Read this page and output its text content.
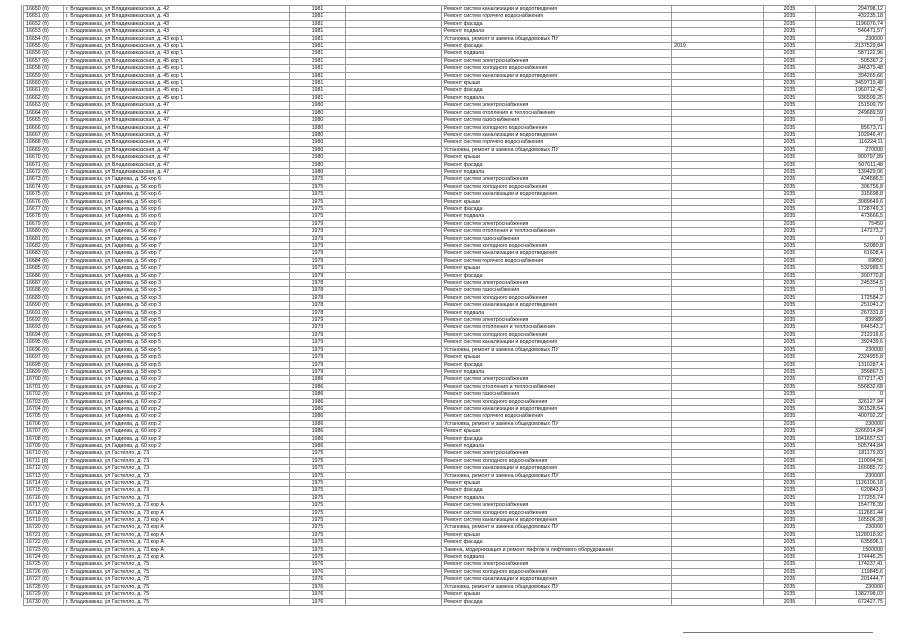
16650 (б)	г. Владикавказ, ул Владикавказская, д. 42	1981		Ремонт систем канализации и водоотведения		2035	294798,12
16651 (б)	г. Владикавказ, ул Владикавказская, д. 43	1981		Ремонт систем горячего водоснабжения		2035	432235,18
16652 (б)	г. Владикавказ, ул Владикавказская, д. 43	1981		Ремонт фасада		2035	1196076,74
16653 (б)	г. Владикавказ, ул Владикавказская, д. 43	1981		Ремонт подвала		2035	546471,57
16654 (б)	г. Владикавказ, ул Владикавказская, д. 43 кор 1	1981		Установка, ремонт и замена общедомовых ПУ		2035	230000
16655 (б)	г. Владикавказ, ул Владикавказская, д. 43 кор 1	1981		Ремонт фасада	2019	2035	2137529,84
16656 (б)	г. Владикавказ, ул Владикавказская, д. 43 кор 1	1981		Ремонт подвала		2035	587122,96
16657 (б)	г. Владикавказ, ул Владикавказская, д. 45 кор 1	1981		Ремонт систем электроснабжения		2035	505367,2
16658 (б)	г. Владикавказ, ул Владикавказская, д. 45 кор 1	1981		Ремонт систем холодного водоснабжения		2035	346379,48
16659 (б)	г. Владикавказ, ул Владикавказская, д. 45 кор 1	1981		Ремонт систем канализации и водоотведения		2035	394265,66
16660 (б)	г. Владикавказ, ул Владикавказская, д. 45 кор 1	1981		Ремонт крыши		2035	3459719,48
16661 (б)	г. Владикавказ, ул Владикавказская, д. 45 кор 1	1981		Ремонт фасада		2035	1960712,42
16662 (б)	г. Владикавказ, ул Владикавказская, д. 45 кор 1	1981		Ремонт подвала		2035	936509,25
16663 (б)	г. Владикавказ, ул Владикавказская, д. 47	1980		Ремонт систем электроснабжения		2035	151509,79
16664 (б)	г. Владикавказ, ул Владикавказская, д. 47	1980		Ремонт систем отопления и теплоснабжения		2035	249689,59
16665 (б)	г. Владикавказ, ул Владикавказская, д. 47	1980		Ремонт систем газоснабжения		2035	0
16666 (б)	г. Владикавказ, ул Владикавказская, д. 47	1980		Ремонт систем холодного водоснабжения		2035	85673,71
16667 (б)	г. Владикавказ, ул Владикавказская, д. 47	1980		Ремонт систем канализации и водоотведения		2035	102946,47
16668 (б)	г. Владикавказ, ул Владикавказская, д. 47	1980		Ремонт систем горячего водоснабжения		2035	116224,11
16669 (б)	г. Владикавказ, ул Владикавказская, д. 47	1980		Установка, ремонт и замена общедомовых ПУ		2035	270000
16670 (б)	г. Владикавказ, ул Владикавказская, д. 47	1980		Ремонт крыши		2035	900797,89
16671 (б)	г. Владикавказ, ул Владикавказская, д. 47	1980		Ремонт фасада		2035	507611,48
16672 (б)	г. Владикавказ, ул Владикавказская, д. 47	1980		Ремонт подвала		2035	139429,06
16673 (б)	г. Владикавказ, ул Гадиева, д. 56 кор 6	1975		Ремонт систем электроснабжения		2035	434686,5
16674 (б)	г. Владикавказ, ул Гадиева, д. 56 кор 6	1975		Ремонт систем холодного водоснабжения		2035	306756,8
16675 (б)	г. Владикавказ, ул Гадиева, д. 56 кор 6	1975		Ремонт систем канализации и водоотведения		2035	315698,8
16676 (б)	г. Владикавказ, ул Гадиева, д. 56 кор 6	1975		Ремонт крыши		2035	3089649,6
16677 (б)	г. Владикавказ, ул Гадиева, д. 56 кор 6	1975		Ремонт фасада		2035	1728749,3
16678 (б)	г. Владикавказ, ул Гадиева, д. 56 кор 6	1975		Ремонт подвала		2035	473666,5
16679 (б)	г. Владикавказ, ул Гадиева, д. 56 кор 7	1979		Ремонт систем электроснабжения		2035	75450
16680 (б)	г. Владикавказ, ул Гадиева, д. 56 кор 7	1979		Ремонт систем отопления и теплоснабжения		2035	147273,2
16681 (б)	г. Владикавказ, ул Гадиева, д. 56 кор 7	1979		Ремонт систем газоснабжения		2035	0
16682 (б)	г. Владикавказ, ул Гадиева, д. 56 кор 7	1979		Ремонт систем холодного водоснабжения		2035	52080,8
16683 (б)	г. Владикавказ, ул Гадиева, д. 56 кор 7	1979		Ремонт систем канализации и водоотведения		2035	61608,4
16684 (б)	г. Владикавказ, ул Гадиева, д. 56 кор 7	1979		Ремонт систем горячего водоснабжения		2035	69050
16685 (б)	г. Владикавказ, ул Гадиева, д. 56 кор 7	1979		Ремонт крыши		2035	532989,5
16686 (б)	г. Владикавказ, ул Гадиева, д. 56 кор 7	1979		Ремонт фасада		2035	300770,8
16687 (б)	г. Владикавказ, ул Гадиева, д. 58 кор 3	1978		Ремонт систем электроснабжения		2035	245354,5
16688 (б)	г. Владикавказ, ул Гадиева, д. 58 кор 3	1978		Ремонт систем газоснабжения		2035	0
16689 (б)	г. Владикавказ, ул Гадиева, д. 58 кор 3	1978		Ремонт систем холодного водоснабжения		2035	172584,2
16690 (б)	г. Владикавказ, ул Гадиева, д. 58 кор 3	1978		Ремонт систем канализации и водоотведения		2035	251041,2
16691 (б)	г. Владикавказ, ул Гадиева, д. 58 кор 3	1978		Ремонт подвала		2035	267331,8
16692 (б)	г. Владикавказ, ул Гадиева, д. 58 кор 5	1979		Ремонт систем электроснабжения		2035	839989
16693 (б)	г. Владикавказ, ул Гадиева, д. 58 кор 5	1979		Ремонт систем отопления и теплоснабжения		2035	644543,2
16694 (б)	г. Владикавказ, ул Гадиева, д. 58 кор 5	1979		Ремонт систем холодного водоснабжения		2035	212216,6
16695 (б)	г. Владикавказ, ул Гадиева, д. 58 кор 5	1979		Ремонт систем канализации и водоотведения		2035	392439,6
16696 (б)	г. Владикавказ, ул Гадиева, д. 58 кор 5	1979		Установка, ремонт и замена общедомовых ПУ		2035	230000
16697 (б)	г. Владикавказ, ул Гадиева, д. 58 кор 5	1979		Ремонт крыши		2035	2324955,8
16698 (б)	г. Владикавказ, ул Гадиева, д. 58 кор 5	1979		Ремонт фасада		2035	1310287,4
16699 (б)	г. Владикавказ, ул Гадиева, д. 58 кор 5	1979		Ремонт подвала		2035	359867,5
16700 (б)	г. Владикавказ, ул Гадиева, д. 60 кор 2	1986		Ремонт систем электроснабжения		2035	677217,43
16701 (б)	г. Владикавказ, ул Гадиева, д. 60 кор 2	1986		Ремонт систем отопления и теплоснабжения		2035	556832,68
16702 (б)	г. Владикавказ, ул Гадиева, д. 60 кор 2	1986		Ремонт систем газоснабжения		2035	0
16703 (б)	г. Владикавказ, ул Гадиева, д. 60 кор 2	1986		Ремонт систем холодного водоснабжения		2035	326127,94
16704 (б)	г. Владикавказ, ул Гадиева, д. 60 кор 2	1986		Ремонт систем канализации и водоотведения		2035	361528,54
16705 (б)	г. Владикавказ, ул Гадиева, д. 60 кор 2	1986		Ремонт систем горячего водоснабжения		2035	400792,22
16706 (б)	г. Владикавказ, ул Гадиева, д. 60 кор 2	1986		Установка, ремонт и замена общедомовых ПУ		2035	230000
16707 (б)	г. Владикавказ, ул Гадиева, д. 60 кор 2	1986		Ремонт крыши		2035	3266914,84
16708 (б)	г. Владикавказ, ул Гадиева, д. 60 кор 2	1986		Ремонт фасада		2035	1841657,53
16709 (б)	г. Владикавказ, ул Гадиева, д. 60 кор 2	1986		Ремонт подвала		2035	505744,84
16710 (б)	г. Владикавказ, ул Гастелло, д. 73	1975		Ремонт систем электроснабжения		2035	181179,83
16711 (б)	г. Владикавказ, ул Гастелло, д. 73	1975		Ремонт систем холодного водоснабжения		2035	110094,56
16712 (б)	г. Владикавказ, ул Гастелло, д. 73	1975		Ремонт систем канализации и водоотведения		2035	166085,72
16713 (б)	г. Владикавказ, ул Гастелло, д. 73	1975		Установка, ремонт и замена общедомовых ПУ		2035	230000
16714 (б)	г. Владикавказ, ул Гастелло, д. 73	1975		Ремонт крыши		2035	1126106,18
16715 (б)	г. Владикавказ, ул Гастелло, д. 73	1975		Ремонт фасада		2035	620843,9
16716 (б)	г. Владикавказ, ул Гастелло, д. 73	1975		Ремонт подвала		2035	177255,74
16717 (б)	г. Владикавказ, ул Гастелло, д. 73 кор А	1975		Ремонт систем электроснабжения		2035	154778,39
16718 (б)	г. Владикавказ, ул Гастелло, д. 73 кор А	1975		Ремонт систем холодного водоснабжения		2035	112681,44
16719 (б)	г. Владикавказ, ул Гастелло, д. 73 кор А	1975		Ремонт систем канализации и водоотведения		2035	165506,28
16720 (б)	г. Владикавказ, ул Гастелло, д. 73 кор А	1975		Установка, ремонт и замена общедомовых ПУ		2035	230000
16721 (б)	г. Владикавказ, ул Гастелло, д. 73 кор А	1975		Ремонт крыши		2035	1128018,92
16722 (б)	г. Владикавказ, ул Гастелло, д. 73 кор А	1975		Ремонт фасада		2035	635896,1
16723 (б)	г. Владикавказ, ул Гастелло, д. 73 кор А	1975		Замена, модернизация и ремонт лифтов и лифтового оборудования		2035	1500000
16724 (б)	г. Владикавказ, ул Гастелло, д. 73 кор А	1975		Ремонт подвала		2035	174446,25
16725 (б)	г. Владикавказ, ул Гастелло, д. 75	1976		Ремонт систем электроснабжения		2035	174237,41
16726 (б)	г. Владикавказ, ул Гастелло, д. 75	1976		Ремонт систем холодного водоснабжения		2035	119845,6
16727 (б)	г. Владикавказ, ул Гастелло, д. 75	1976		Ремонт систем канализации и водоотведения		2035	201444,7
16728 (б)	г. Владикавказ, ул Гастелло, д. 75	1976		Установка, ремонт и замена общедомовых ПУ		2035	230000
16729 (б)	г. Владикавказ, ул Гастелло, д. 75	1976		Ремонт крыши		2035	1382798,03
16730 (б)	г. Владикавказ, ул Гастелло, д. 75	1976		Ремонт фасада		2035	672427,75
